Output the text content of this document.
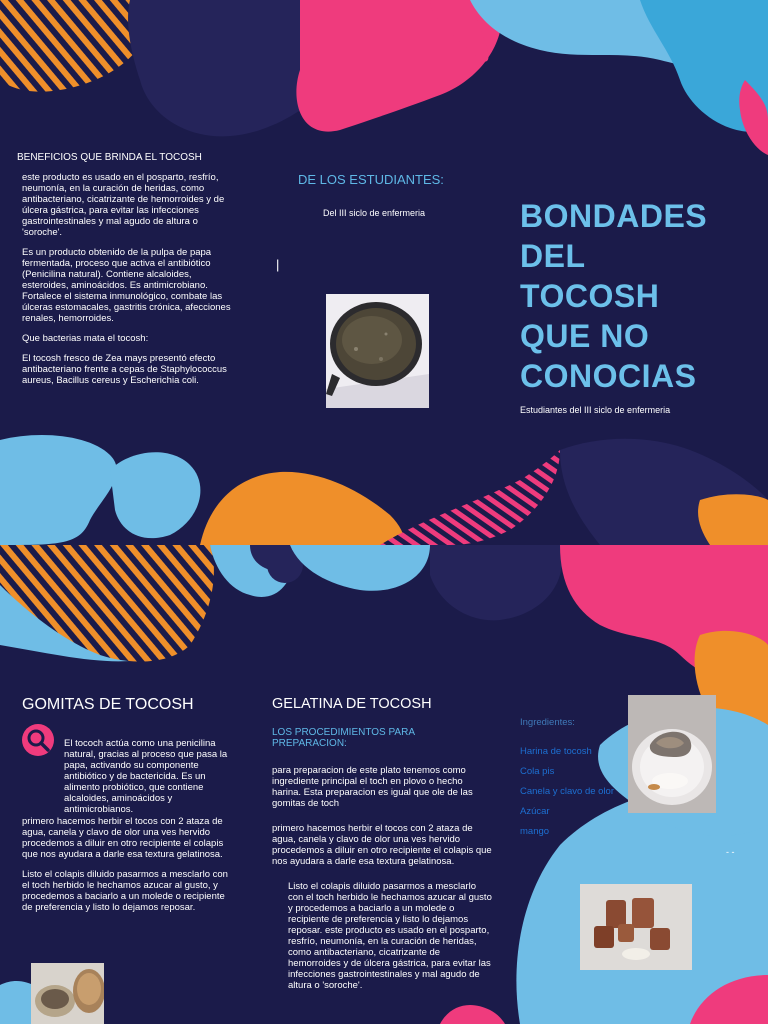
BENEFICIOS QUE BRINDA EL TOCOSH

este producto es usado en el posparto, resfrío, neumonía, en la curación de heridas, como antibacteriano, cicatrizante de hemorroides y de úlcera gástrica, para evitar las infecciones gastrointestinales y mal agudo de altura o 'soroche'.

Es un producto obtenido de la pulpa de papa fermentada, proceso que activa el antibiótico (Penicilina natural). Contiene alcaloides, esteroides, aminoácidos. Es antimicrobiano. Fortalece el sistema inmunológico, combate las úlceras estomacales, gastritis crónica, afecciones renales, hemorroides.

Que bacterias mata el tocosh:

El tocosh fresco de Zea mays presentó efecto antibacteriano frente a cepas de Staphylococcus aureus, Bacillus cereus y Escherichia coli.

DE LOS ESTUDIANTES:
Del III siclo de enfermeria
|
BONDADES
DEL
TOCOSH
QUE NO
CONOCIAS
Estudiantes del III siclo de enfermeria
GOMITAS DE TOCOSH
El tococh actúa como una penicilina natural, gracias al proceso que pasa la papa, activando su componente antibiótico y de bactericida. Es un alimento probiótico, que contiene alcaloides, aminoácidos y antimicrobianos.

primero hacemos herbir el tocos con 2 ataza de agua, canela y clavo de olor una ves hervido procedemos a diluir en otro recipiente el colapis que nos ayudara a darle esa textura gelatinosa.

Listo el colapis diluido pasarmos a mesclarlo con el toch herbido le hechamos azucar al gusto, y procedemos a baciarlo a un molede o recipiente de preferencia y listo lo dejamos reposar.

GELATINA DE TOCOSH
LOS PROCEDIMIENTOS PARA PREPARACION:

para preparacion de este plato tenemos como ingrediente principal el toch en plovo o hecho harina. Esta preparacion es igual que ole de las gomitas de toch

primero hacemos herbir el tocos con 2 ataza de agua, canela y clavo de olor una ves hervido procedemos a diluir en otro recipiente el colapis que nos ayudara a darle esa textura gelatinosa.

Listo el colapis diluido pasarmos a mesclarlo con el toch herbido le hechamos azucar al gusto y procedemos a baciarlo a un molede o recipiente de preferencia y listo lo dejamos reposar. este producto es usado en el posparto, resfrío, neumonía, en la curación de heridas, como antibacteriano, cicatrizante de hemorroides y de úlcera gástrica, para evitar las infecciones gastrointestinales y mal agudo de altura o 'soroche'.

Ingredientes:
Harina de tocosh
Cola pis
Canela y clavo de olor
Azúcar
mango
- -
